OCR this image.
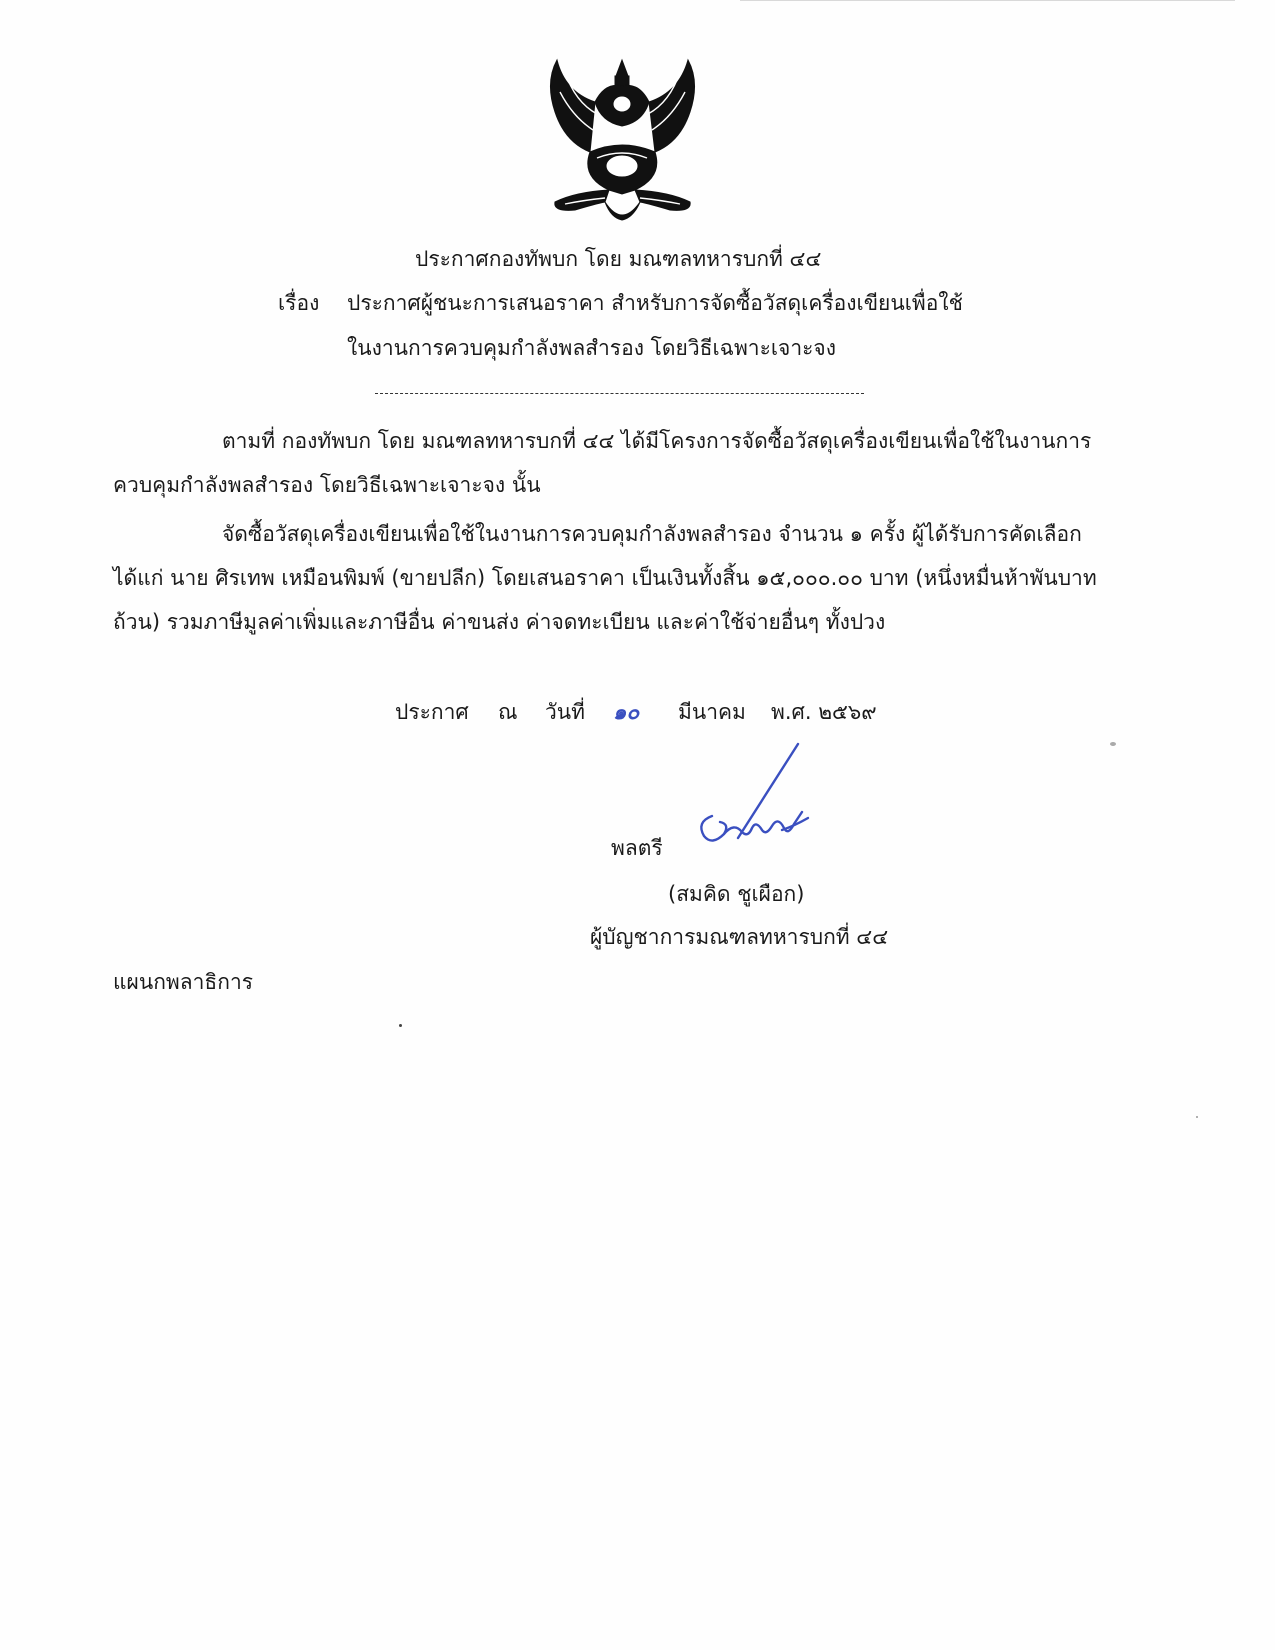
ประกาศกองทัพบก โดย มณฑลทหารบกที่ ๔๔
เรื่อง ประกาศผู้ชนะการเสนอราคา สำหรับการจัดซื้อวัสดุเครื่องเขียนเพื่อใช้
ในงานการควบคุมกำลังพลสำรอง โดยวิธีเฉพาะเจาะจง
ตามที่ กองทัพบก โดย มณฑลทหารบกที่ ๔๔ ได้มีโครงการจัดซื้อวัสดุเครื่องเขียนเพื่อใช้ในงานการ
ควบคุมกำลังพลสำรอง โดยวิธีเฉพาะเจาะจง นั้น
จัดซื้อวัสดุเครื่องเขียนเพื่อใช้ในงานการควบคุมกำลังพลสำรอง จำนวน ๑ ครั้ง ผู้ได้รับการคัดเลือก
ได้แก่ นาย ศิรเทพ เหมือนพิมพ์ (ขายปลีก) โดยเสนอราคา เป็นเงินทั้งสิ้น ๑๕,๐๐๐.๐๐ บาท (หนึ่งหมื่นห้าพันบาท
ถ้วน) รวมภาษีมูลค่าเพิ่มและภาษีอื่น ค่าขนส่ง ค่าจดทะเบียน และค่าใช้จ่ายอื่นๆ ทั้งปวง
ประกาศ ณ วันที่ ๑๐ มีนาคม พ.ศ. ๒๕๖๙
พลตรี
(สมคิด ชูเผือก)
ผู้บัญชาการมณฑลทหารบกที่ ๔๔
แผนกพลาธิการ
